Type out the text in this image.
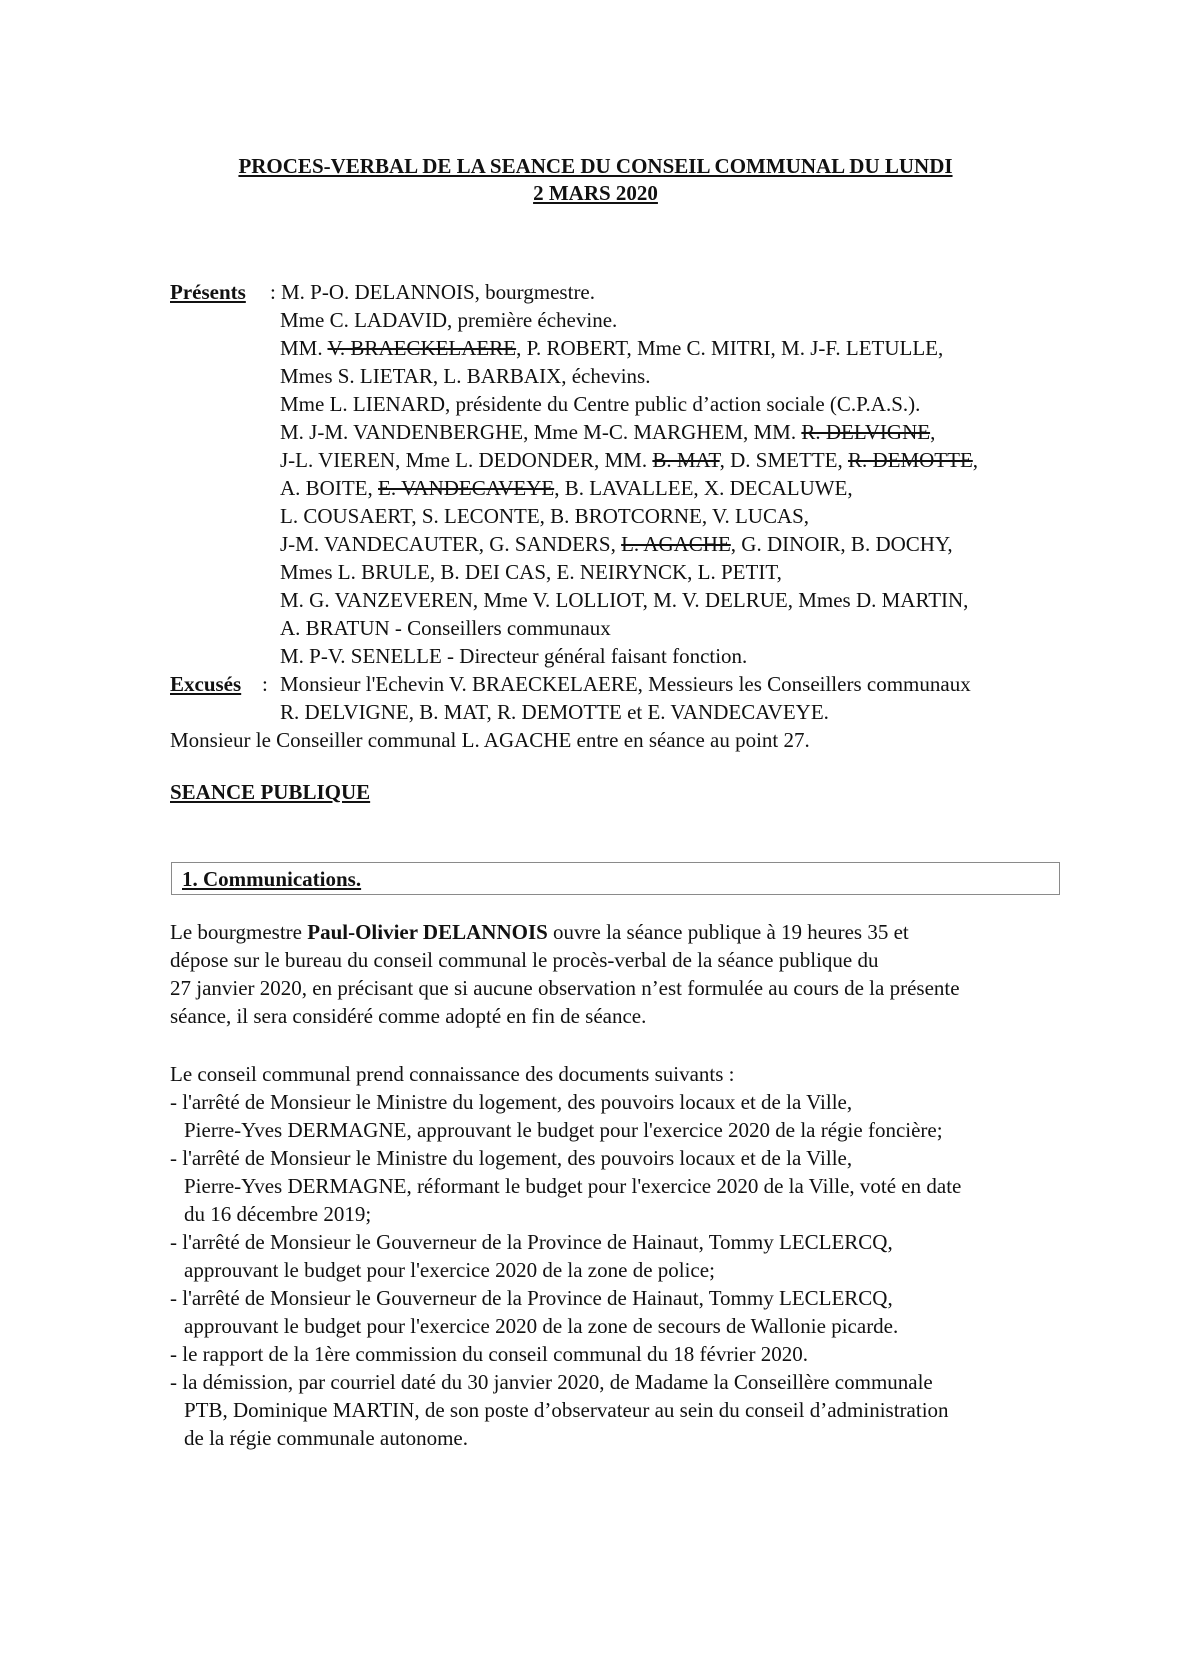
PROCES-VERBAL DE LA SEANCE DU CONSEIL COMMUNAL DU LUNDI
2 MARS 2020
Présents : M. P-O. DELANNOIS, bourgmestre.
Mme C. LADAVID, première échevine.
MM. V. BRAECKELAERE, P. ROBERT, Mme C. MITRI, M. J-F. LETULLE,
Mmes S. LIETAR, L. BARBAIX, échevins.
Mme L. LIENARD, présidente du Centre public d’action sociale (C.P.A.S.).
M. J-M. VANDENBERGHE, Mme M-C. MARGHEM, MM. R. DELVIGNE,
J-L. VIEREN, Mme L. DEDONDER, MM. B. MAT, D. SMETTE, R. DEMOTTE,
A. BOITE, E. VANDECAVEYE, B. LAVALLEE, X. DECALUWE,
L. COUSAERT, S. LECONTE, B. BROTCORNE, V. LUCAS,
J-M. VANDECAUTER, G. SANDERS, L. AGACHE, G. DINOIR, B. DOCHY,
Mmes L. BRULE, B. DEI CAS, E. NEIRYNCK, L. PETIT,
M. G. VANZEVEREN, Mme V. LOLLIOT, M. V. DELRUE, Mmes D. MARTIN,
A. BRATUN - Conseillers communaux
M. P-V. SENELLE - Directeur général faisant fonction.
Excusés : Monsieur l'Echevin V. BRAECKELAERE, Messieurs les Conseillers communaux
R. DELVIGNE, B. MAT, R. DEMOTTE et E. VANDECAVEYE.
Monsieur le Conseiller communal L. AGACHE entre en séance au point 27.
SEANCE PUBLIQUE
1. Communications.
Le bourgmestre Paul-Olivier DELANNOIS ouvre la séance publique à 19 heures 35 et
dépose sur le bureau du conseil communal le procès-verbal de la séance publique du
27 janvier 2020, en précisant que si aucune observation n’est formulée au cours de la présente
séance, il sera considéré comme adopté en fin de séance.
Le conseil communal prend connaissance des documents suivants :
- l'arrêté de Monsieur le Ministre du logement, des pouvoirs locaux et de la Ville,
Pierre-Yves DERMAGNE, approuvant le budget pour l'exercice 2020 de la régie foncière;
- l'arrêté de Monsieur le Ministre du logement, des pouvoirs locaux et de la Ville,
Pierre-Yves DERMAGNE, réformant le budget pour l'exercice 2020 de la Ville, voté en date
du 16 décembre 2019;
- l'arrêté de Monsieur le Gouverneur de la Province de Hainaut, Tommy LECLERCQ,
approuvant le budget pour l'exercice 2020 de la zone de police;
- l'arrêté de Monsieur le Gouverneur de la Province de Hainaut, Tommy LECLERCQ,
approuvant le budget pour l'exercice 2020 de la zone de secours de Wallonie picarde.
- le rapport de la 1ère commission du conseil communal du 18 février 2020.
- la démission, par courriel daté du 30 janvier 2020, de Madame la Conseillère communale
PTB, Dominique MARTIN, de son poste d’observateur au sein du conseil d’administration
de la régie communale autonome.
